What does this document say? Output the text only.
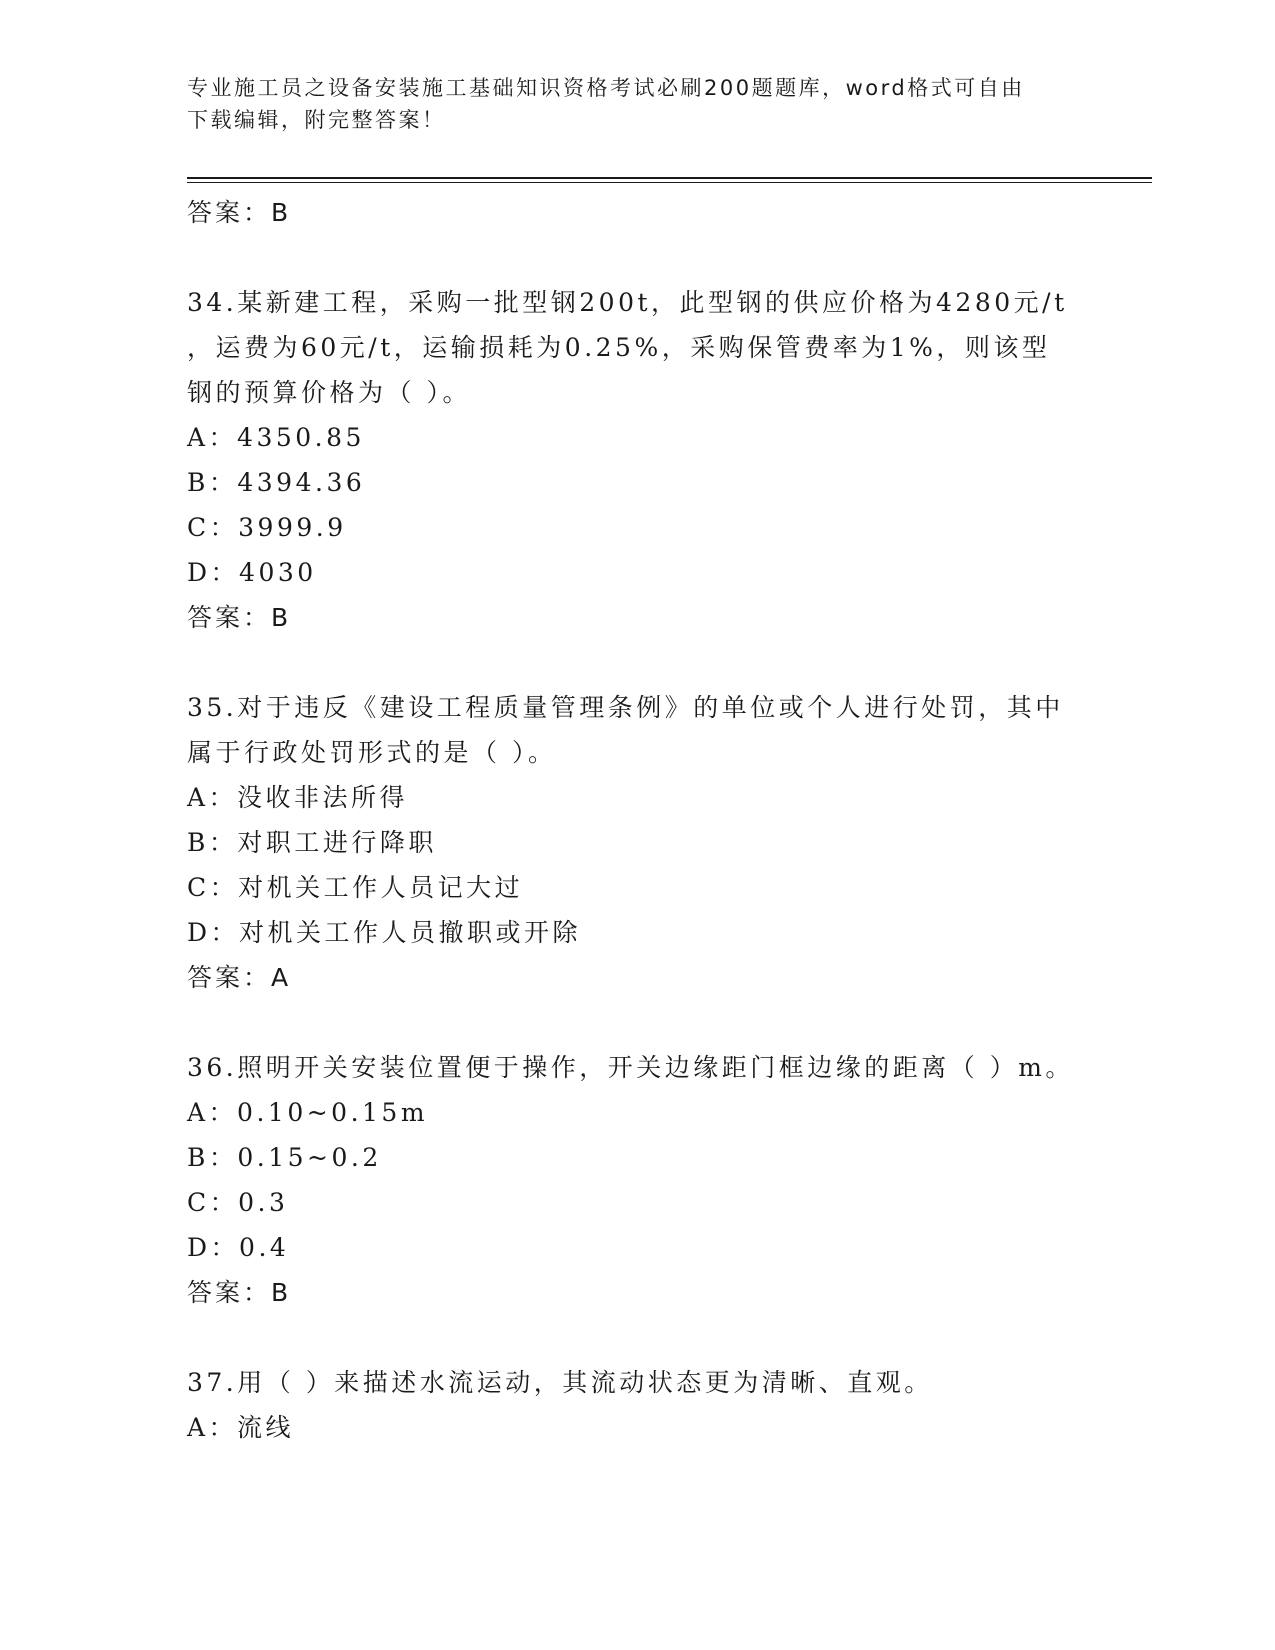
专业施工员之设备安装施工基础知识资格考试必刷200题题库，word格式可自由
下载编辑，附完整答案！
答案：B
34.某新建工程，采购一批型钢200t，此型钢的供应价格为4280元/t
，运费为60元/t，运输损耗为0.25%，采购保管费率为1%，则该型
钢的预算价格为（ ）。
A：4350.85
B：4394.36
C：3999.9
D：4030
答案：B
35.对于违反《建设工程质量管理条例》的单位或个人进行处罚，其中
属于行政处罚形式的是（ ）。
A：没收非法所得
B：对职工进行降职
C：对机关工作人员记大过
D：对机关工作人员撤职或开除
答案：A
36.照明开关安装位置便于操作，开关边缘距门框边缘的距离（ ）m。
A：0.10~0.15m
B：0.15~0.2
C：0.3
D：0.4
答案：B
37.用（ ）来描述水流运动，其流动状态更为清晰、直观。
A：流线
